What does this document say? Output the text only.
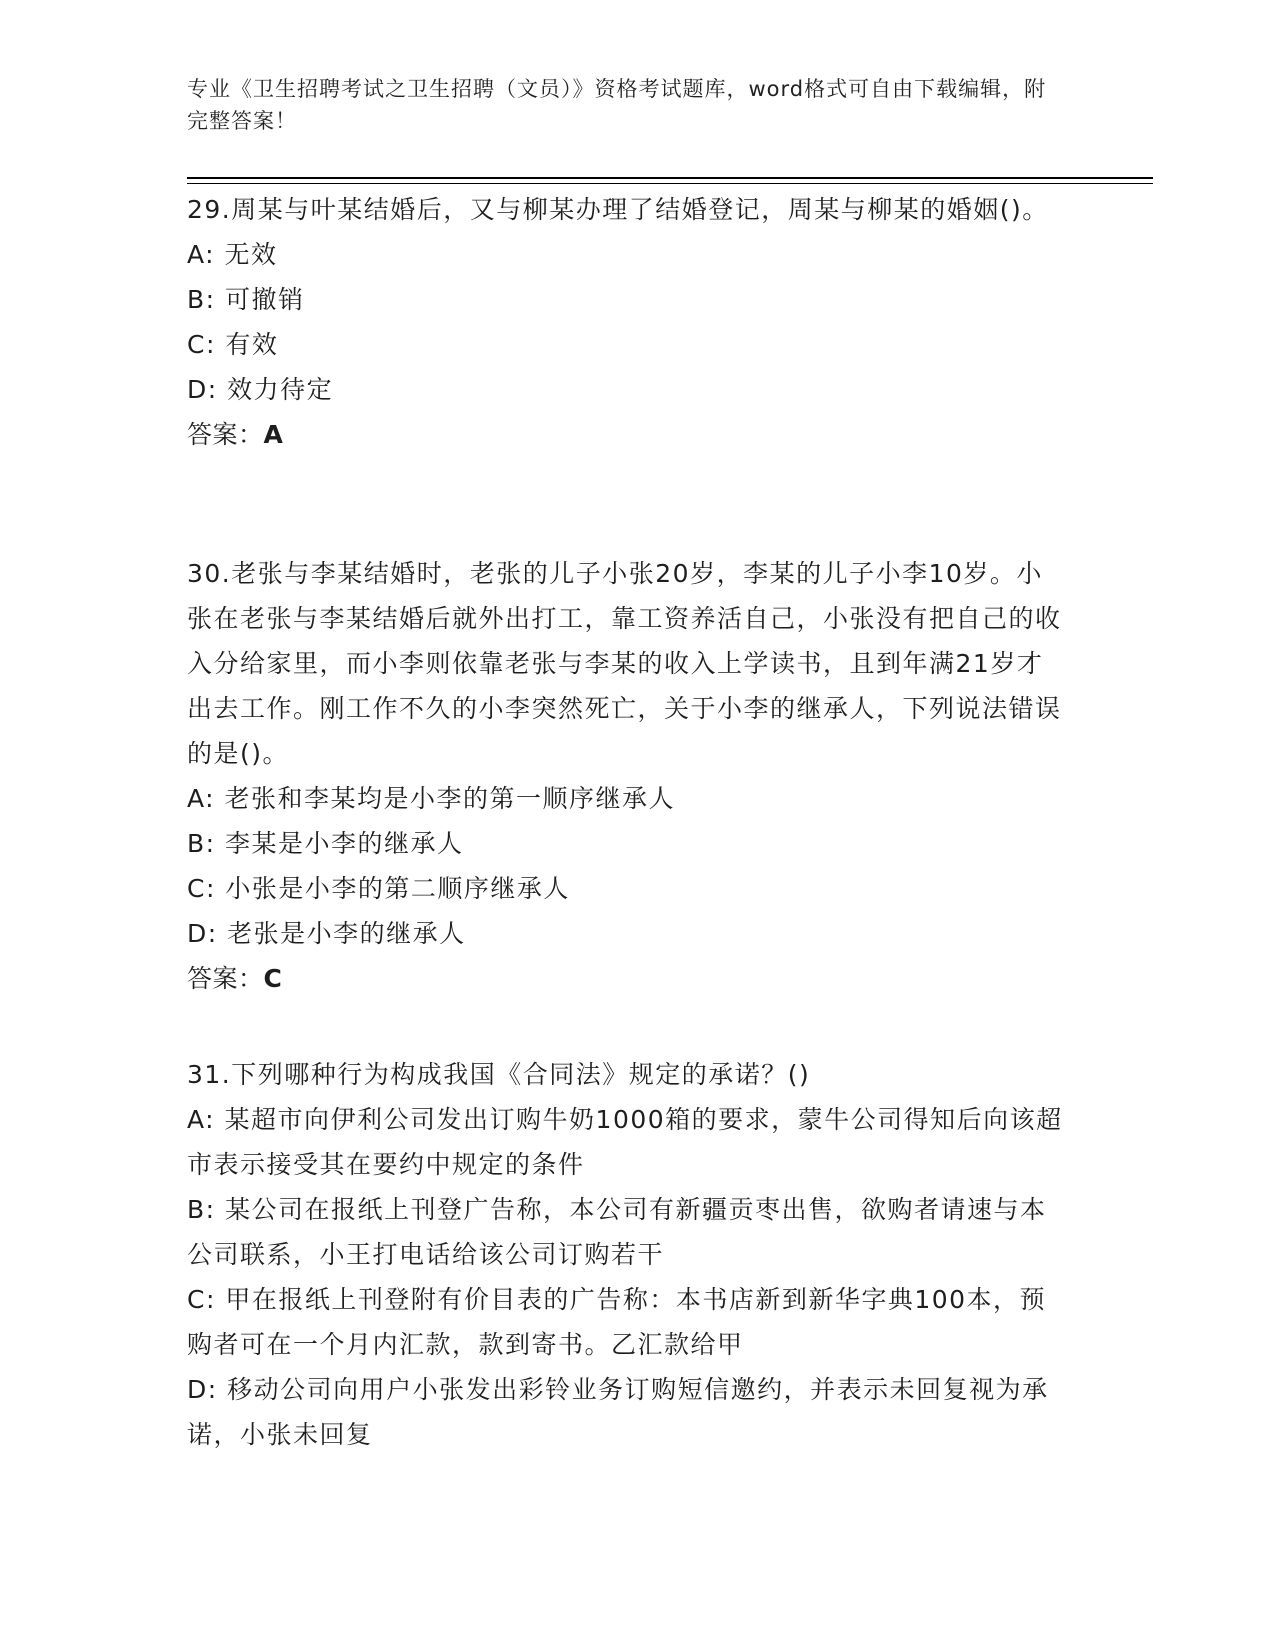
专业《卫生招聘考试之卫生招聘（文员）》资格考试题库，word格式可自由下载编辑，附完整答案！

29.周某与叶某结婚后，又与柳某办理了结婚登记，周某与柳某的婚姻()。

A: 无效

B: 可撤销

C: 有效

D: 效力待定

答案：A

30.老张与李某结婚时，老张的儿子小张20岁，李某的儿子小李10岁。小张在老张与李某结婚后就外出打工，靠工资养活自己，小张没有把自己的收入分给家里，而小李则依靠老张与李某的收入上学读书，且到年满21岁才出去工作。刚工作不久的小李突然死亡，关于小李的继承人，下列说法错误的是()。

A: 老张和李某均是小李的第一顺序继承人

B: 李某是小李的继承人

C: 小张是小李的第二顺序继承人

D: 老张是小李的继承人

答案：C

31.下列哪种行为构成我国《合同法》规定的承诺？()

A: 某超市向伊利公司发出订购牛奶1000箱的要求，蒙牛公司得知后向该超市表示接受其在要约中规定的条件

B: 某公司在报纸上刊登广告称，本公司有新疆贡枣出售，欲购者请速与本公司联系，小王打电话给该公司订购若干

C: 甲在报纸上刊登附有价目表的广告称：本书店新到新华字典100本，预购者可在一个月内汇款，款到寄书。乙汇款给甲

D: 移动公司向用户小张发出彩铃业务订购短信邀约，并表示未回复视为承诺，小张未回复
